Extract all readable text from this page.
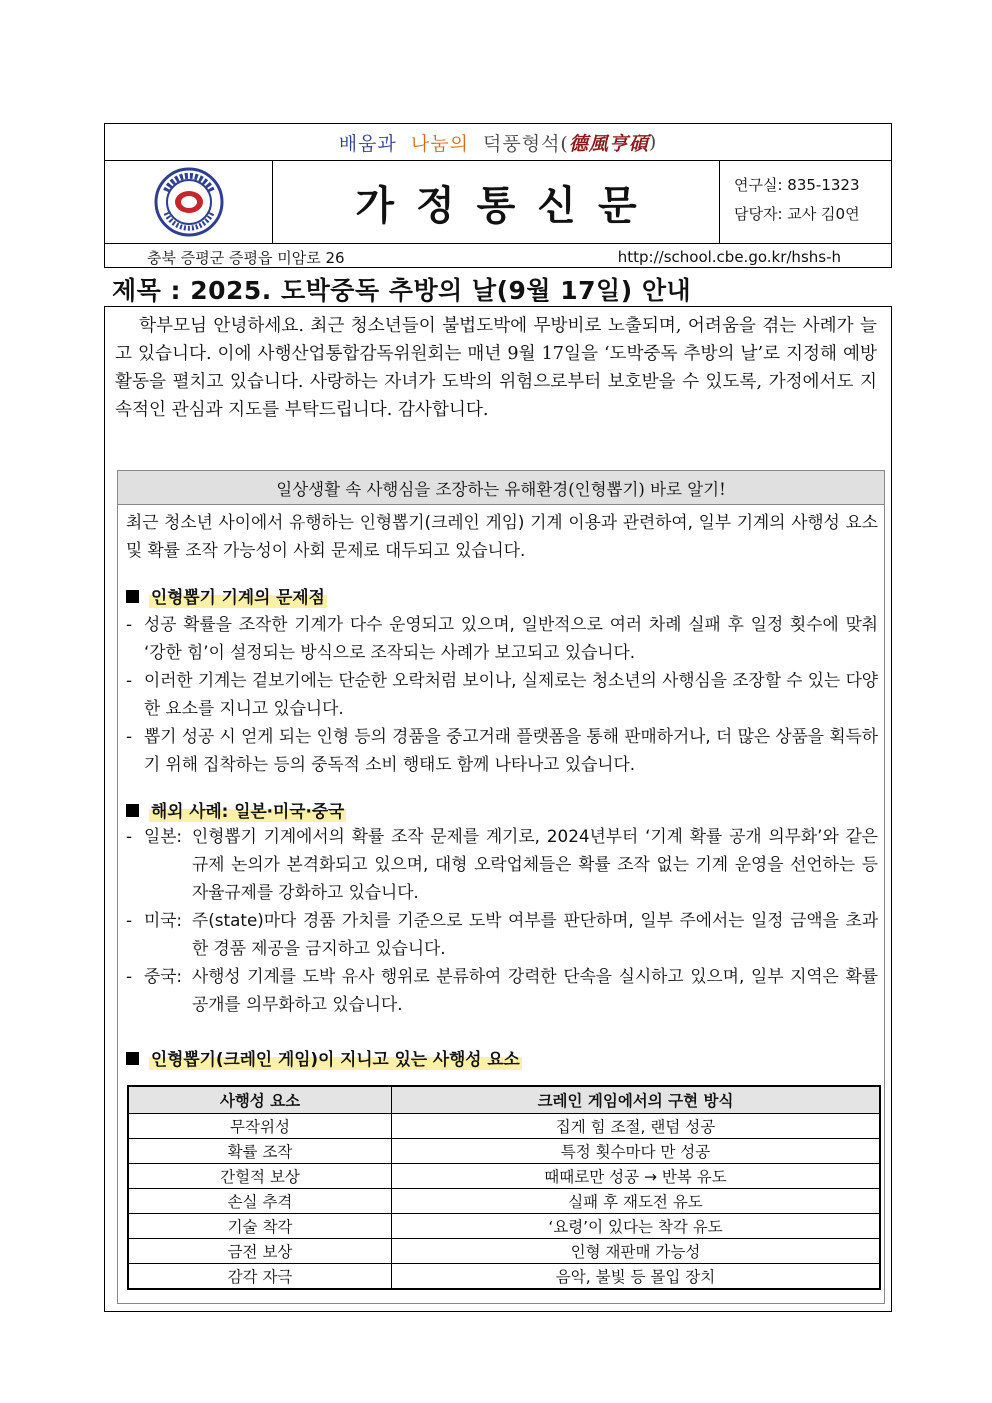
배움과
나눔의
덕풍형석( 德風亨碩 )
가정통신문	연구실: 835-1323
담당자: 교사 김0연
충북 증평군 증평읍 미암로 26	http://school.cbe.go.kr/hshs-h
제목 : 2025. 도박중독 추방의 날(9월 17일) 안내
학부모님 안녕하세요. 최근 청소년들이 불법도박에 무방비로 노출되며, 어려움을 겪는 사례가 늘고 있습니다. 이에 사행산업통합감독위원회는 매년 9월 17일을 ‘도박중독 추방의 날’로 지정해 예방 활동을 펼치고 있습니다. 사랑하는 자녀가 도박의 위험으로부터 보호받을 수 있도록, 가정에서도 지속적인 관심과 지도를 부탁드립니다. 감사합니다.
일상생활 속 사행심을 조장하는 유해환경(인형뽑기) 바로 알기!
최근 청소년 사이에서 유행하는 인형뽑기(크레인 게임) 기계 이용과 관련하여, 일부 기계의 사행성 요소 및 확률 조작 가능성이 사회 문제로 대두되고 있습니다.
인형뽑기 기계의 문제점
- 성공 확률을 조작한 기계가 다수 운영되고 있으며, 일반적으로 여러 차례 실패 후 일정 횟수에 맞춰 ‘강한 힘’이 설정되는 방식으로 조작되는 사례가 보고되고 있습니다.
- 이러한 기계는 겉보기에는 단순한 오락처럼 보이나, 실제로는 청소년의 사행심을 조장할 수 있는 다양한 요소를 지니고 있습니다.
- 뽑기 성공 시 얻게 되는 인형 등의 경품을 중고거래 플랫폼을 통해 판매하거나, 더 많은 상품을 획득하기 위해 집착하는 등의 중독적 소비 행태도 함께 나타나고 있습니다.
해외 사례: 일본·미국·중국
- 일본: 인형뽑기 기계에서의 확률 조작 문제를 계기로, 2024년부터 ‘기계 확률 공개 의무화’와 같은 규제 논의가 본격화되고 있으며, 대형 오락업체들은 확률 조작 없는 기계 운영을 선언하는 등 자율규제를 강화하고 있습니다.
- 미국: 주(state)마다 경품 가치를 기준으로 도박 여부를 판단하며, 일부 주에서는 일정 금액을 초과한 경품 제공을 금지하고 있습니다.
- 중국: 사행성 기계를 도박 유사 행위로 분류하여 강력한 단속을 실시하고 있으며, 일부 지역은 확률 공개를 의무화하고 있습니다.
인형뽑기(크레인 게임)이 지니고 있는 사행성 요소
사행성 요소	크레인 게임에서의 구현 방식
무작위성	집게 힘 조절, 랜덤 성공
확률 조작	특정 횟수마다 만 성공
간헐적 보상	때때로만 성공 → 반복 유도
손실 추격	실패 후 재도전 유도
기술 착각	‘요령’이 있다는 착각 유도
금전 보상	인형 재판매 가능성
감각 자극	음악, 불빛 등 몰입 장치
